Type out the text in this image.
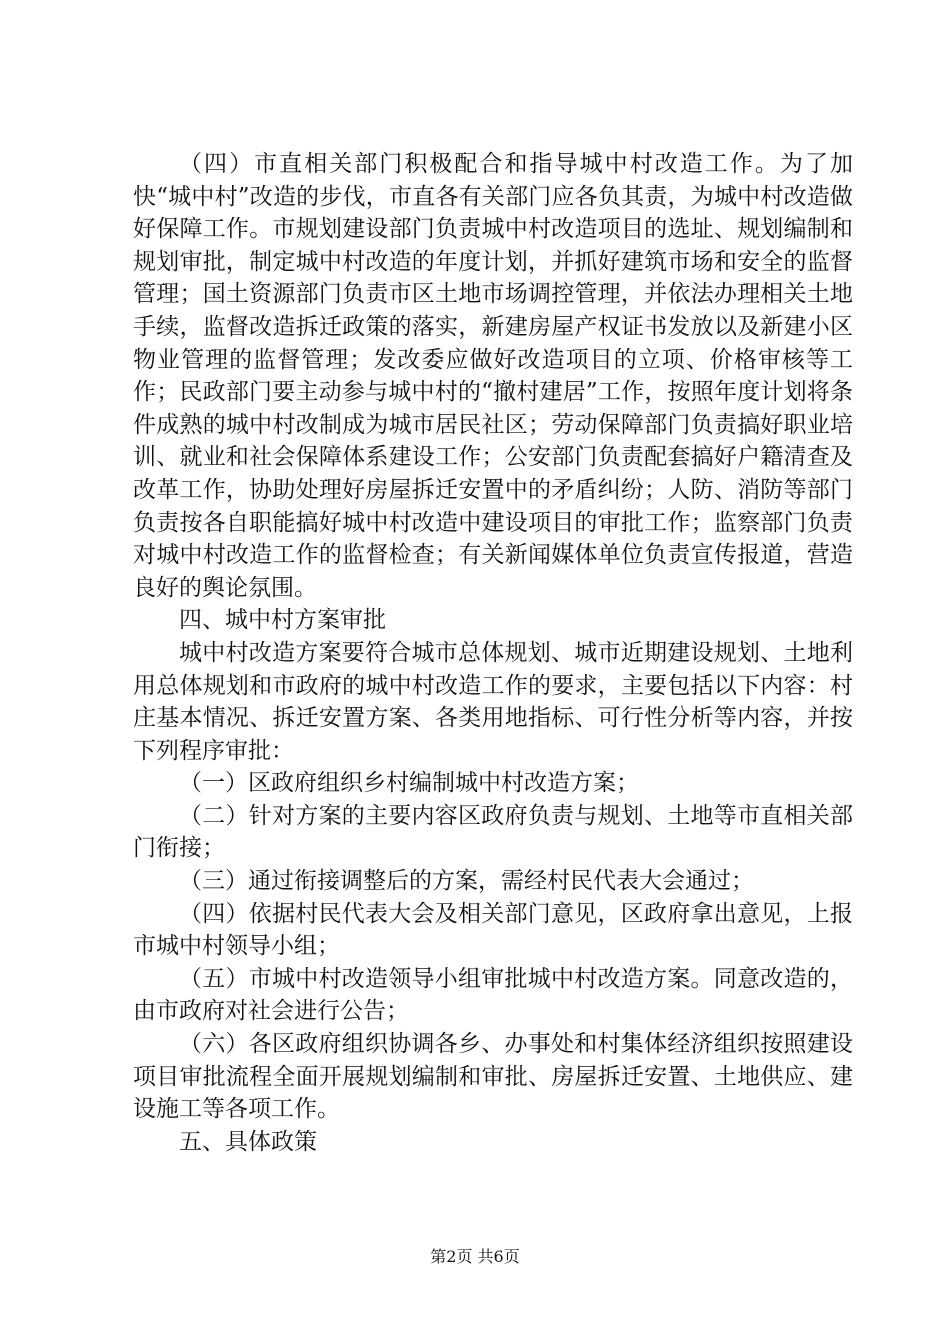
（四）市直相关部门积极配合和指导城中村改造工作。为了加快“城中村”改造的步伐，市直各有关部门应各负其责，为城中村改造做好保障工作。市规划建设部门负责城中村改造项目的选址、规划编制和规划审批，制定城中村改造的年度计划，并抓好建筑市场和安全的监督管理；国土资源部门负责市区土地市场调控管理，并依法办理相关土地手续，监督改造拆迁政策的落实，新建房屋产权证书发放以及新建小区物业管理的监督管理；发改委应做好改造项目的立项、价格审核等工作；民政部门要主动参与城中村的“撤村建居”工作，按照年度计划将条件成熟的城中村改制成为城市居民社区；劳动保障部门负责搞好职业培训、就业和社会保障体系建设工作；公安部门负责配套搞好户籍清查及改革工作，协助处理好房屋拆迁安置中的矛盾纠纷；人防、消防等部门负责按各自职能搞好城中村改造中建设项目的审批工作；监察部门负责对城中村改造工作的监督检查；有关新闻媒体单位负责宣传报道，营造良好的舆论氛围。

四、城中村方案审批

城中村改造方案要符合城市总体规划、城市近期建设规划、土地利用总体规划和市政府的城中村改造工作的要求，主要包括以下内容：村庄基本情况、拆迁安置方案、各类用地指标、可行性分析等内容，并按下列程序审批：

（一）区政府组织乡村编制城中村改造方案；

（二）针对方案的主要内容区政府负责与规划、土地等市直相关部门衔接；

（三）通过衔接调整后的方案，需经村民代表大会通过；

（四）依据村民代表大会及相关部门意见，区政府拿出意见，上报市城中村领导小组；

（五）市城中村改造领导小组审批城中村改造方案。同意改造的，由市政府对社会进行公告；

（六）各区政府组织协调各乡、办事处和村集体经济组织按照建设项目审批流程全面开展规划编制和审批、房屋拆迁安置、土地供应、建设施工等各项工作。

五、具体政策

第2页 共6页
